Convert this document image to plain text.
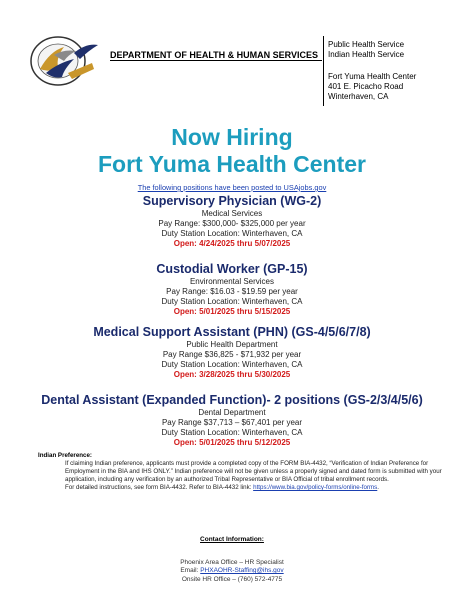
DEPARTMENT OF HEALTH & HUMAN SERVICES
Public Health Service
Indian Health Service
Fort Yuma Health Center
401 E. Picacho Road
Winterhaven, CA
Now Hiring
Fort Yuma Health Center
The following positions have been posted to USAjobs.gov
Supervisory Physician (WG-2)
Medical Services
Pay Range: $300,000- $325,000 per year
Duty Station Location: Winterhaven, CA
Open: 4/24/2025 thru 5/07/2025
Custodial Worker (GP-15)
Environmental Services
Pay Range: $16.03 - $19.59 per year
Duty Station Location: Winterhaven, CA
Open: 5/01/2025 thru 5/15/2025
Medical Support Assistant (PHN) (GS-4/5/6/7/8)
Public Health Department
Pay Range $36,825 - $71,932 per year
Duty Station Location: Winterhaven, CA
Open: 3/28/2025 thru 5/30/2025
Dental Assistant (Expanded Function)- 2 positions (GS-2/3/4/5/6)
Dental Department
Pay Range $37,713 – $67,401 per year
Duty Station Location: Winterhaven, CA
Open: 5/01/2025 thru 5/12/2025
Indian Preference:
If claiming Indian preference, applicants must provide a completed copy of the FORM BIA-4432, “Verification of Indian Preference for Employment in the BIA and IHS ONLY.” Indian preference will not be given unless a properly signed and dated form is submitted with your application, including any verification by an authorized Tribal Representative or BIA Official of tribal enrollment records.
For detailed instructions, see form BIA-4432. Refer to BIA-4432 link: https://www.bia.gov/policy-forms/online-forms.
Contact Information:
Phoenix Area Office – HR Specialist
Email: PHXAOHR-Staffing@ihs.gov
Onsite HR Office – (760) 572-4775
